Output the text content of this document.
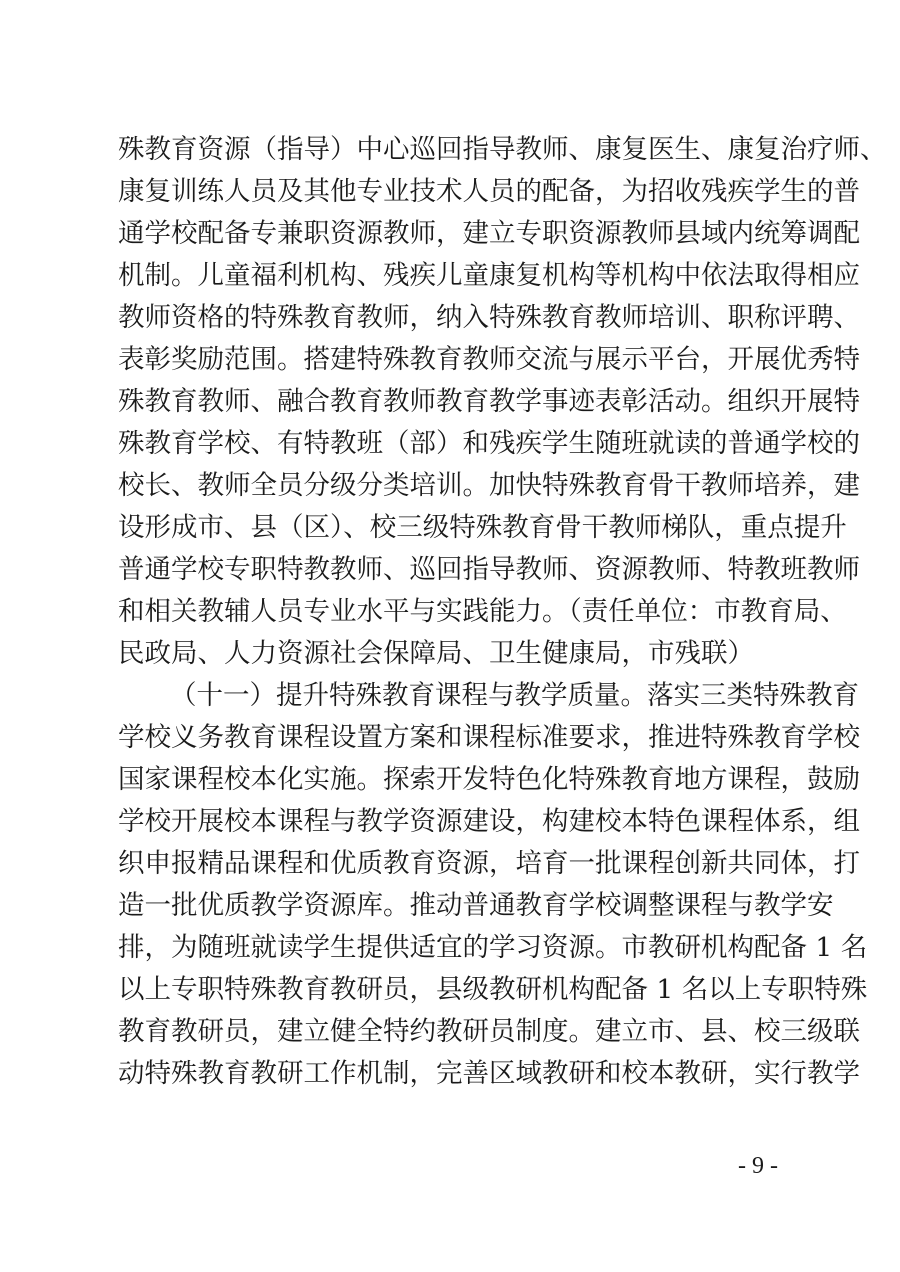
殊教育资源（指导）中心巡回指导教师、康复医生、康复治疗师、
康复训练人员及其他专业技术人员的配备，为招收残疾学生的普
通学校配备专兼职资源教师，建立专职资源教师县域内统筹调配
机制。儿童福利机构、残疾儿童康复机构等机构中依法取得相应
教师资格的特殊教育教师，纳入特殊教育教师培训、职称评聘、
表彰奖励范围。搭建特殊教育教师交流与展示平台，开展优秀特
殊教育教师、融合教育教师教育教学事迹表彰活动。组织开展特
殊教育学校、有特教班（部）和残疾学生随班就读的普通学校的
校长、教师全员分级分类培训。加快特殊教育骨干教师培养，建
设形成市、县（区）、校三级特殊教育骨干教师梯队，重点提升
普通学校专职特教教师、巡回指导教师、资源教师、特教班教师
和相关教辅人员专业水平与实践能力。（责任单位：市教育局、
民政局、人力资源社会保障局、卫生健康局，市残联）
（十一）提升特殊教育课程与教学质量。落实三类特殊教育
学校义务教育课程设置方案和课程标准要求，推进特殊教育学校
国家课程校本化实施。探索开发特色化特殊教育地方课程，鼓励
学校开展校本课程与教学资源建设，构建校本特色课程体系，组
织申报精品课程和优质教育资源，培育一批课程创新共同体，打
造一批优质教学资源库。推动普通教育学校调整课程与教学安
排，为随班就读学生提供适宜的学习资源。市教研机构配备 1 名
以上专职特殊教育教研员，县级教研机构配备 1 名以上专职特殊
教育教研员，建立健全特约教研员制度。建立市、县、校三级联
动特殊教育教研工作机制，完善区域教研和校本教研，实行教学
- 9 -
